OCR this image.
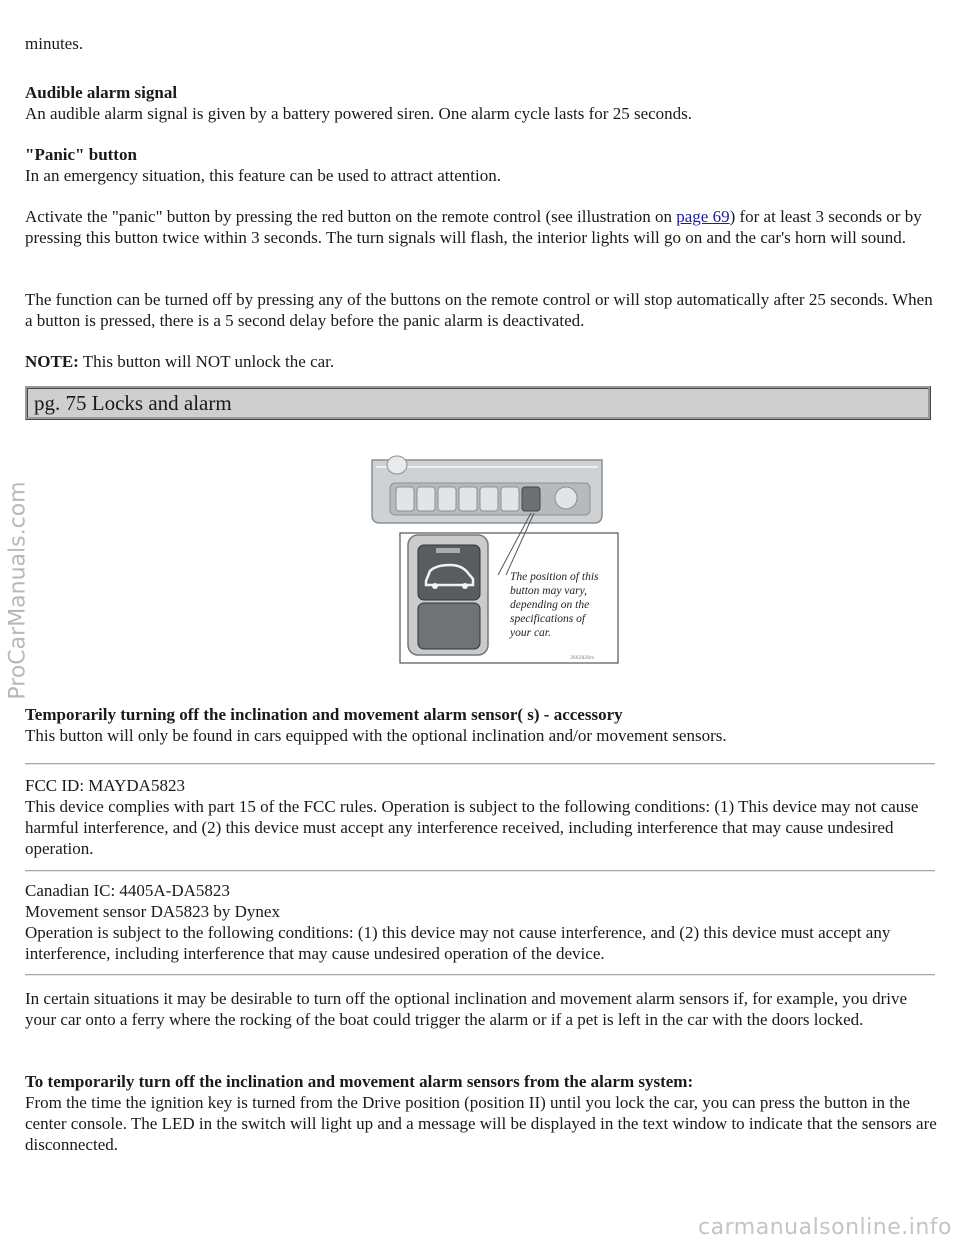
minutes.

Audible alarm signal

An audible alarm signal is given by a battery powered siren. One alarm cycle lasts for 25 seconds.

"Panic" button

In an emergency situation, this feature can be used to attract attention.

Activate the "panic" button by pressing the red button on the remote control (see illustration on page 69) for at least 3 seconds or by pressing this button twice within 3 seconds. The turn signals will flash, the interior lights will go on and the car's horn will sound.

The function can be turned off by pressing any of the buttons on the remote control or will stop automatically after 25 seconds. When a button is pressed, there is a 5 second delay before the panic alarm is deactivated.

NOTE: This button will NOT unlock the car.

pg. 75 Locks and alarm
The position of this
button may vary,
depending on the
specifications of
your car.
3662828m

Temporarily turning off the inclination and movement alarm sensor( s) - accessory

This button will only be found in cars equipped with the optional inclination and/or movement sensors.

FCC ID: MAYDA5823

This device complies with part 15 of the FCC rules. Operation is subject to the following conditions: (1) This device may not cause harmful interference, and (2) this device must accept any interference received, including interference that may cause undesired operation.

Canadian IC: 4405A-DA5823

Movement sensor DA5823 by Dynex

Operation is subject to the following conditions: (1) this device may not cause interference, and (2) this device must accept any interference, including interference that may cause undesired operation of the device.

In certain situations it may be desirable to turn off the optional inclination and movement alarm sensors if, for example, you drive your car onto a ferry where the rocking of the boat could trigger the alarm or if a pet is left in the car with the doors locked.

To temporarily turn off the inclination and movement alarm sensors from the alarm system:

From the time the ignition key is turned from the Drive position (position II) until you lock the car, you can press the button in the center console. The LED in the switch will light up and a message will be displayed in the text window to indicate that the sensors are disconnected.

ProCarManuals.com
carmanualsonline.info
